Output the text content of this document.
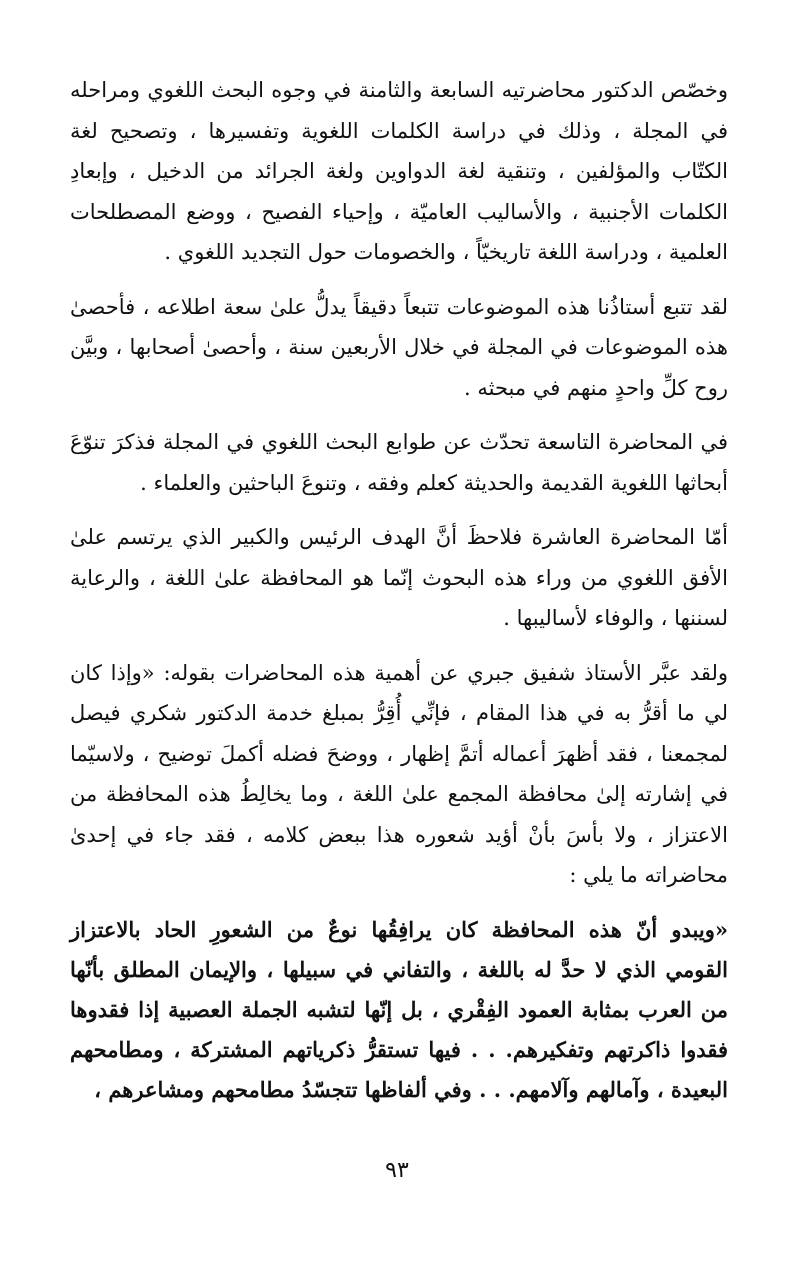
وخصّص الدكتور محاضرتيه السابعة والثامنة في وجوه البحث اللغوي ومراحله في المجلة ، وذلك في دراسة الكلمات اللغوية وتفسيرها ، وتصحيح لغة الكتّاب والمؤلفين ، وتنقية لغة الدواوين ولغة الجرائد من الدخيل ، وإبعادِ الكلمات الأجنبية ، والأساليب العاميّة ، وإحياء الفصيح ، ووضع المصطلحات العلمية ، ودراسة اللغة تاريخيّاً ، والخصومات حول التجديد اللغوي .

لقد تتبع أستاذُنا هذه الموضوعات تتبعاً دقيقاً يدلُّ علىٰ سعة اطلاعه ، فأحصىٰ هذه الموضوعات في المجلة في خلال الأربعين سنة ، وأحصىٰ أصحابها ، وبيَّن روح كلِّ واحدٍ منهم في مبحثه .

في المحاضرة التاسعة تحدّث عن طوابع البحث اللغوي في المجلة فذكرَ تنوّعَ أبحاثها اللغوية القديمة والحديثة كعلم وفقه ، وتنوعَ الباحثين والعلماء .

أمّا المحاضرة العاشرة فلاحظَ أنَّ الهدف الرئيس والكبير الذي يرتسم علىٰ الأفق اللغوي من وراء هذه البحوث إنّما هو المحافظة علىٰ اللغة ، والرعاية لسننها ، والوفاء لأساليبها .

ولقد عبَّر الأستاذ شفيق جبري عن أهمية هذه المحاضرات بقوله: «وإذا كان لي ما أقرُّ به في هذا المقام ، فإنِّي أُقِرُّ بمبلغ خدمة الدكتور شكري فيصل لمجمعنا ، فقد أظهرَ أعماله أتمَّ إظهار ، ووضحَ فضله أكملَ توضيح ، ولاسيّما في إشارته إلىٰ محافظة المجمع علىٰ اللغة ، وما يخالِطُ هذه المحافظة من الاعتزاز ، ولا بأسَ بأنْ أؤيد شعوره هذا ببعض كلامه ، فقد جاء في إحدىٰ محاضراته ما يلي :

«ويبدو أنّ هذه المحافظة كان يرافِقُها نوعٌ من الشعورِ الحاد بالاعتزاز القومي الذي لا حدَّ له باللغة ، والتفاني في سبيلها ، والإيمان المطلق بأنّها من العرب بمثابة العمود الفِقْري ، بل إنّها لتشبه الجملة العصبية إذا فقدوها فقدوا ذاكرتهم وتفكيرهم. . . فيها تستقرُّ ذكرياتهم المشتركة ، ومطامحهم البعيدة ، وآمالهم وآلامهم. . . وفي ألفاظها تتجسّدُ مطامحهم ومشاعرهم ،

٩٣
